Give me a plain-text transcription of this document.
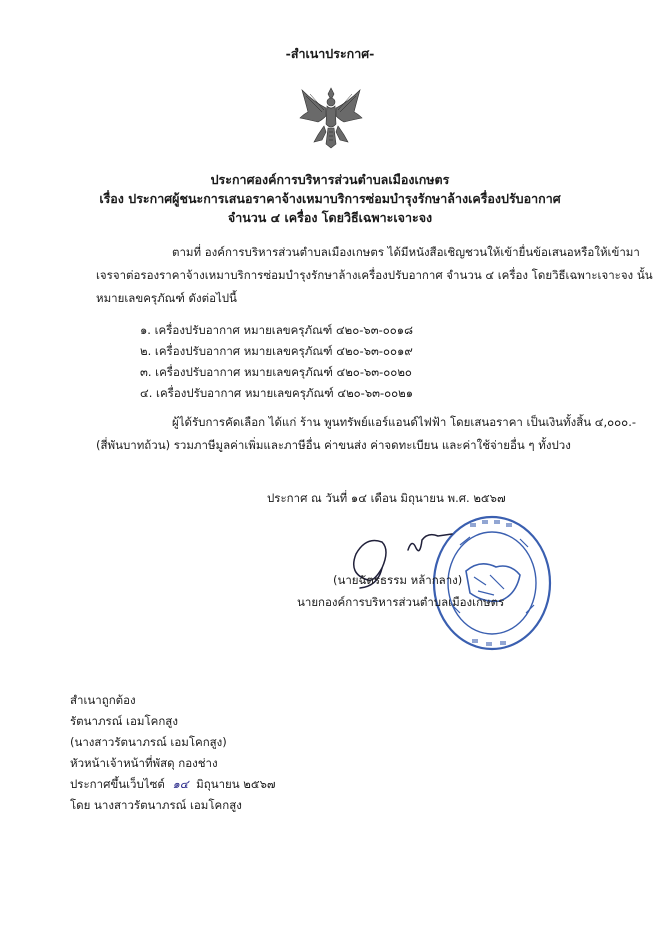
-สำเนาประกาศ-
ประกาศองค์การบริหารส่วนตำบลเมืองเกษตร
เรื่อง ประกาศผู้ชนะการเสนอราคาจ้างเหมาบริการซ่อมบำรุงรักษาล้างเครื่องปรับอากาศ
จำนวน ๔ เครื่อง โดยวิธีเฉพาะเจาะจง
ตามที่ องค์การบริหารส่วนตำบลเมืองเกษตร ได้มีหนังสือเชิญชวนให้เข้ายื่นข้อเสนอหรือให้เข้ามา
เจรจาต่อรองราคาจ้างเหมาบริการซ่อมบำรุงรักษาล้างเครื่องปรับอากาศ จำนวน ๔ เครื่อง โดยวิธีเฉพาะเจาะจง นั้น
หมายเลขครุภัณฑ์ ดังต่อไปนี้
๑. เครื่องปรับอากาศ หมายเลขครุภัณฑ์ ๔๒๐-๖๓-๐๐๑๘
๒. เครื่องปรับอากาศ หมายเลขครุภัณฑ์ ๔๒๐-๖๓-๐๐๑๙
๓. เครื่องปรับอากาศ หมายเลขครุภัณฑ์ ๔๒๐-๖๓-๐๐๒๐
๔. เครื่องปรับอากาศ หมายเลขครุภัณฑ์ ๔๒๐-๖๓-๐๐๒๑
ผู้ได้รับการคัดเลือก ได้แก่ ร้าน พูนทรัพย์แอร์แอนด์ไฟฟ้า โดยเสนอราคา เป็นเงินทั้งสิ้น ๔,๐๐๐.-
(สี่พันบาทถ้วน) รวมภาษีมูลค่าเพิ่มและภาษีอื่น ค่าขนส่ง ค่าจดทะเบียน และค่าใช้จ่ายอื่น ๆ ทั้งปวง
ประกาศ ณ วันที่ ๑๔ เดือน มิถุนายน พ.ศ. ๒๕๖๗
(นายฉัตรธรรม หล้ากลาง)
นายกองค์การบริหารส่วนตำบลเมืองเกษตร
สำเนาถูกต้อง
รัตนาภรณ์ เอมโคกสูง
(นางสาวรัตนาภรณ์ เอมโคกสูง)
หัวหน้าเจ้าหน้าที่พัสดุ กองช่าง
ประกาศขึ้นเว็บไซต์ ๑๔ มิถุนายน ๒๕๖๗
โดย นางสาวรัตนาภรณ์ เอมโคกสูง
